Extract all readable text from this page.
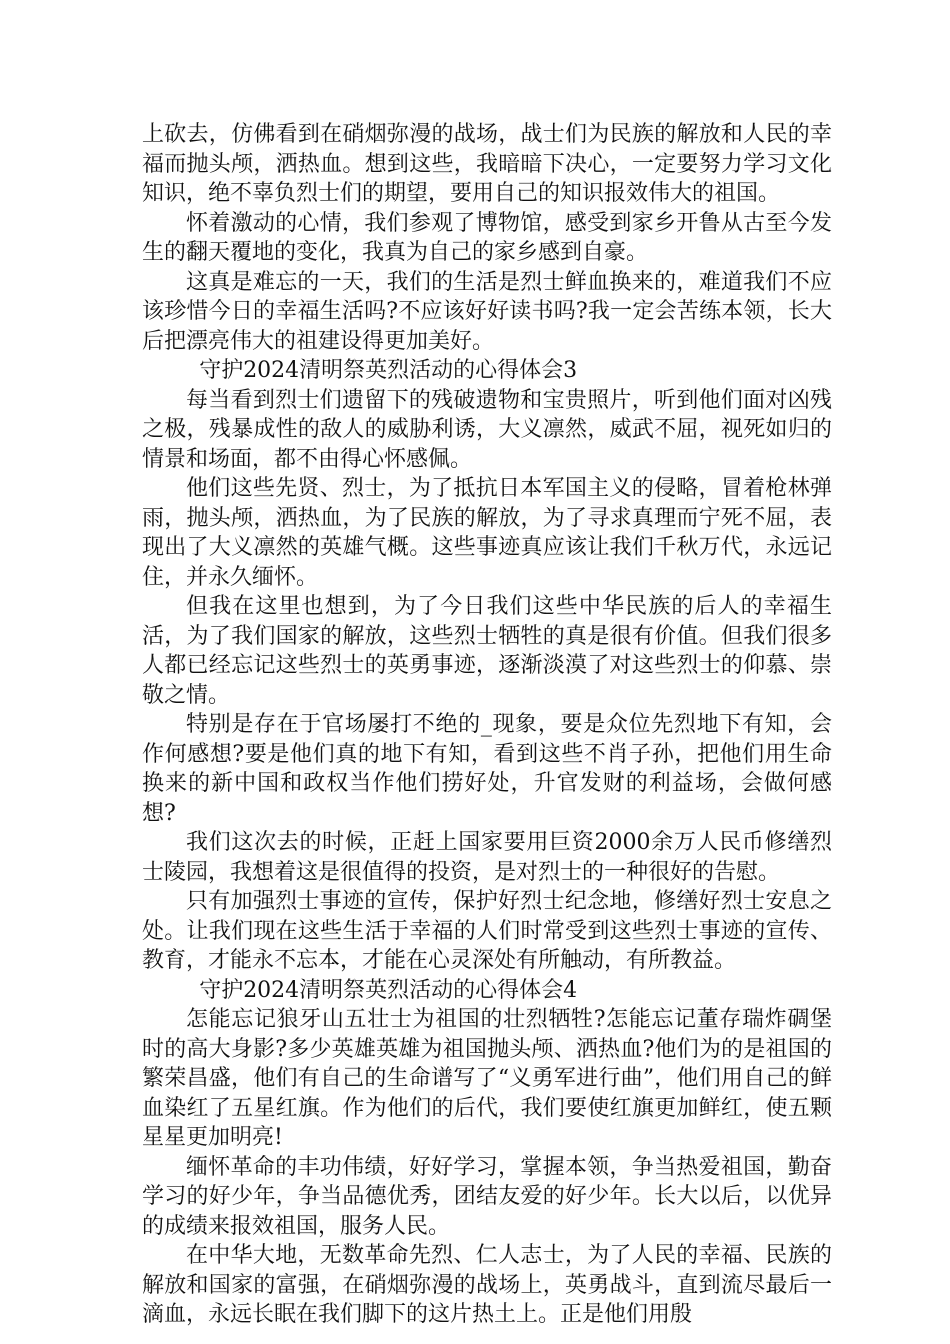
上砍去，仿佛看到在硝烟弥漫的战场，战士们为民族的解放和人民的幸福而抛头颅，洒热血。想到这些，我暗暗下决心，一定要努力学习文化知识，绝不辜负烈士们的期望，要用自己的知识报效伟大的祖国。

怀着激动的心情，我们参观了博物馆，感受到家乡开鲁从古至今发生的翻天覆地的变化，我真为自己的家乡感到自豪。

这真是难忘的一天，我们的生活是烈士鲜血换来的，难道我们不应该珍惜今日的幸福生活吗?不应该好好读书吗?我一定会苦练本领，长大后把漂亮伟大的祖建设得更加美好。

守护2024清明祭英烈活动的心得体会3

每当看到烈士们遗留下的残破遗物和宝贵照片，听到他们面对凶残之极，残暴成性的敌人的威胁利诱，大义凛然，威武不屈，视死如归的情景和场面，都不由得心怀感佩。

他们这些先贤、烈士，为了抵抗日本军国主义的侵略，冒着枪林弹雨，抛头颅，洒热血，为了民族的解放，为了寻求真理而宁死不屈，表现出了大义凛然的英雄气概。这些事迹真应该让我们千秋万代，永远记住，并永久缅怀。

但我在这里也想到，为了今日我们这些中华民族的后人的幸福生活，为了我们国家的解放，这些烈士牺牲的真是很有价值。但我们很多人都已经忘记这些烈士的英勇事迹，逐渐淡漠了对这些烈士的仰慕、崇敬之情。

特别是存在于官场屡打不绝的_现象，要是众位先烈地下有知，会作何感想?要是他们真的地下有知，看到这些不肖子孙，把他们用生命换来的新中国和政权当作他们捞好处，升官发财的利益场，会做何感想?

我们这次去的时候，正赶上国家要用巨资2000余万人民币修缮烈士陵园，我想着这是很值得的投资，是对烈士的一种很好的告慰。

只有加强烈士事迹的宣传，保护好烈士纪念地，修缮好烈士安息之处。让我们现在这些生活于幸福的人们时常受到这些烈士事迹的宣传、教育，才能永不忘本，才能在心灵深处有所触动，有所教益。

守护2024清明祭英烈活动的心得体会4

怎能忘记狼牙山五壮士为祖国的壮烈牺牲?怎能忘记董存瑞炸碉堡时的高大身影?多少英雄英雄为祖国抛头颅、洒热血?他们为的是祖国的繁荣昌盛，他们有自己的生命谱写了“义勇军进行曲”，他们用自己的鲜血染红了五星红旗。作为他们的后代，我们要使红旗更加鲜红，使五颗星星更加明亮!

缅怀革命的丰功伟绩，好好学习，掌握本领，争当热爱祖国，勤奋学习的好少年，争当品德优秀，团结友爱的好少年。长大以后，以优异的成绩来报效祖国，服务人民。

在中华大地，无数革命先烈、仁人志士，为了人民的幸福、民族的解放和国家的富强，在硝烟弥漫的战场上，英勇战斗，直到流尽最后一滴血，永远长眠在我们脚下的这片热土上。正是他们用殷
